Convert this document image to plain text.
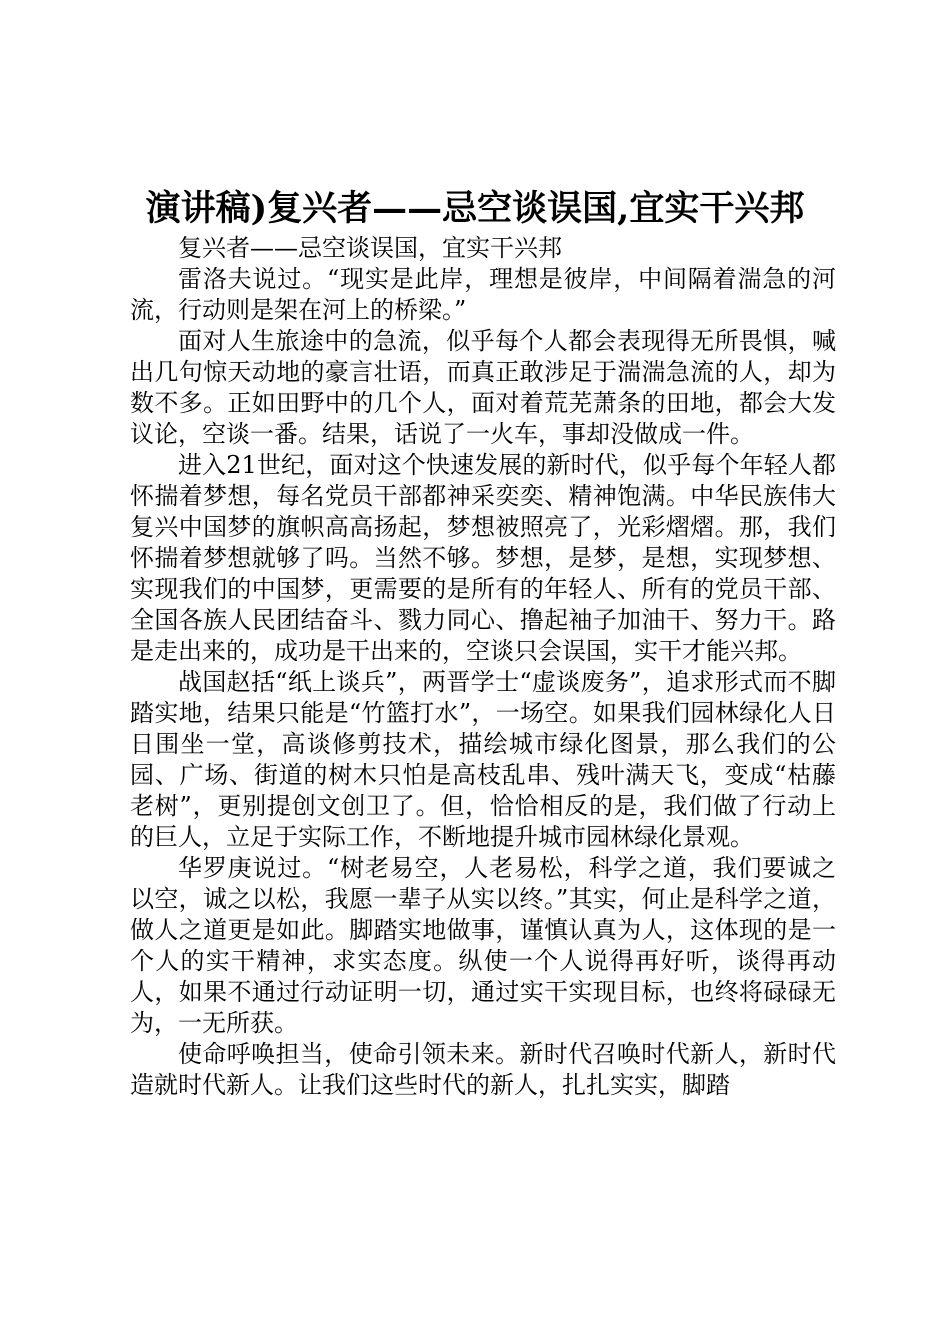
演讲稿)复兴者——忌空谈误国,宜实干兴邦

复兴者——忌空谈误国，宜实干兴邦

雷洛夫说过。“现实是此岸，理想是彼岸，中间隔着湍急的河流，行动则是架在河上的桥梁。”

面对人生旅途中的急流，似乎每个人都会表现得无所畏惧，喊出几句惊天动地的豪言壮语，而真正敢涉足于湍湍急流的人，却为数不多。正如田野中的几个人，面对着荒芜萧条的田地，都会大发议论，空谈一番。结果，话说了一火车，事却没做成一件。

进入21世纪，面对这个快速发展的新时代，似乎每个年轻人都怀揣着梦想，每名党员干部都神采奕奕、精神饱满。中华民族伟大复兴中国梦的旗帜高高扬起，梦想被照亮了，光彩熠熠。那，我们怀揣着梦想就够了吗。当然不够。梦想，是梦，是想，实现梦想、实现我们的中国梦，更需要的是所有的年轻人、所有的党员干部、全国各族人民团结奋斗、戮力同心、撸起袖子加油干、努力干。路是走出来的，成功是干出来的，空谈只会误国，实干才能兴邦。

战国赵括“纸上谈兵”，两晋学士“虚谈废务”，追求形式而不脚踏实地，结果只能是“竹篮打水”，一场空。如果我们园林绿化人日日围坐一堂，高谈修剪技术，描绘城市绿化图景，那么我们的公园、广场、街道的树木只怕是高枝乱串、残叶满天飞，变成“枯藤老树”，更别提创文创卫了。但，恰恰相反的是，我们做了行动上的巨人，立足于实际工作，不断地提升城市园林绿化景观。

华罗庚说过。“树老易空，人老易松，科学之道，我们要诚之以空，诚之以松，我愿一辈子从实以终。”其实，何止是科学之道，做人之道更是如此。脚踏实地做事，谨慎认真为人，这体现的是一个人的实干精神，求实态度。纵使一个人说得再好听，谈得再动人，如果不通过行动证明一切，通过实干实现目标，也终将碌碌无为，一无所获。

使命呼唤担当，使命引领未来。新时代召唤时代新人，新时代造就时代新人。让我们这些时代的新人，扎扎实实，脚踏
